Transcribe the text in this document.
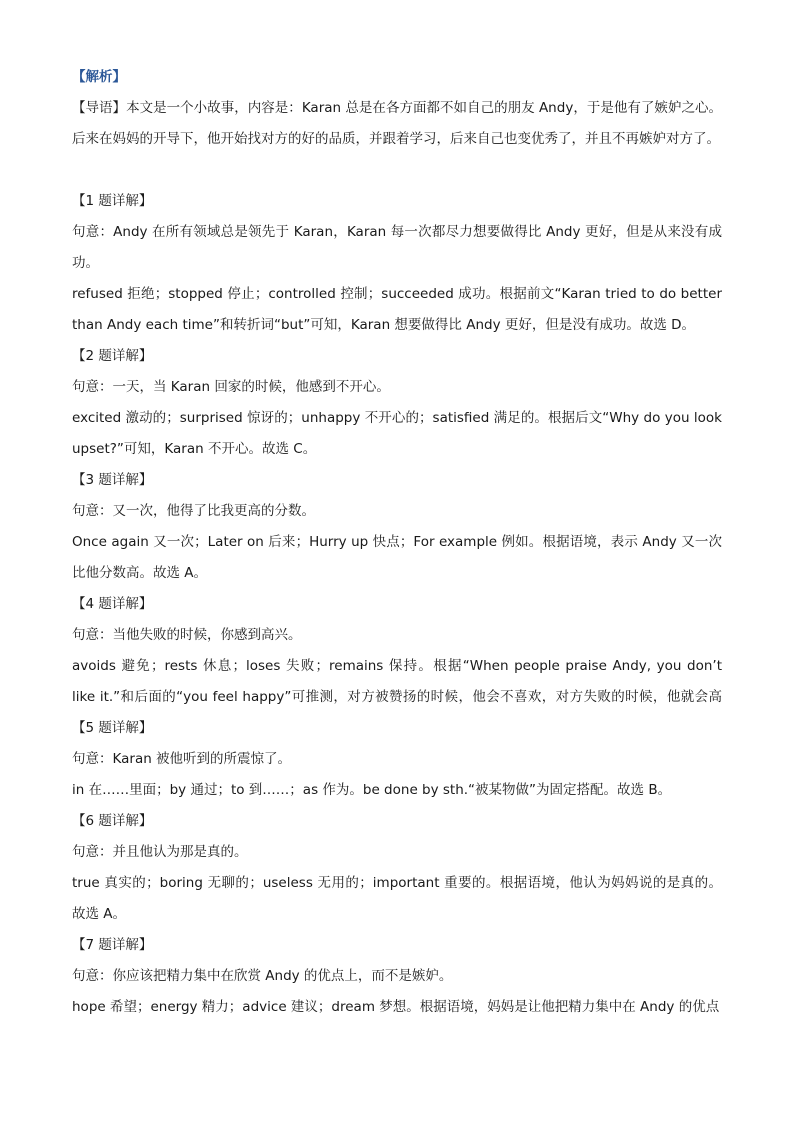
【解析】
【导语】本文是一个小故事，内容是：Karan 总是在各方面都不如自己的朋友 Andy，于是他有了嫉妒之心。后来在妈妈的开导下，他开始找对方的好的品质，并跟着学习，后来自己也变优秀了，并且不再嫉妒对方了。
【1 题详解】
句意：Andy 在所有领域总是领先于 Karan，Karan 每一次都尽力想要做得比 Andy 更好，但是从来没有成功。
refused 拒绝；stopped 停止；controlled 控制；succeeded 成功。根据前文“Karan tried to do better than Andy each time”和转折词“but”可知，Karan 想要做得比 Andy 更好，但是没有成功。故选 D。
【2 题详解】
句意：一天，当 Karan 回家的时候，他感到不开心。
excited 激动的；surprised 惊讶的；unhappy 不开心的；satisfied 满足的。根据后文“Why do you look upset?”可知，Karan 不开心。故选 C。
【3 题详解】
句意：又一次，他得了比我更高的分数。
Once again 又一次；Later on 后来；Hurry up 快点；For example 例如。根据语境，表示 Andy 又一次比他分数高。故选 A。
【4 题详解】
句意：当他失败的时候，你感到高兴。
avoids 避免；rests 休息；loses 失败；remains 保持。根据“When people praise Andy, you don’t like it.”和后面的“you feel happy”可推测，对方被赞扬的时候，他会不喜欢，对方失败的时候，他就会高
【5 题详解】
句意：Karan 被他听到的所震惊了。
in 在……里面；by 通过；to 到……；as 作为。be done by sth.“被某物做”为固定搭配。故选 B。
【6 题详解】
句意：并且他认为那是真的。
true 真实的；boring 无聊的；useless 无用的；important 重要的。根据语境，他认为妈妈说的是真的。故选 A。
【7 题详解】
句意：你应该把精力集中在欣赏 Andy 的优点上，而不是嫉妒。
hope 希望；energy 精力；advice 建议；dream 梦想。根据语境，妈妈是让他把精力集中在 Andy 的优点
